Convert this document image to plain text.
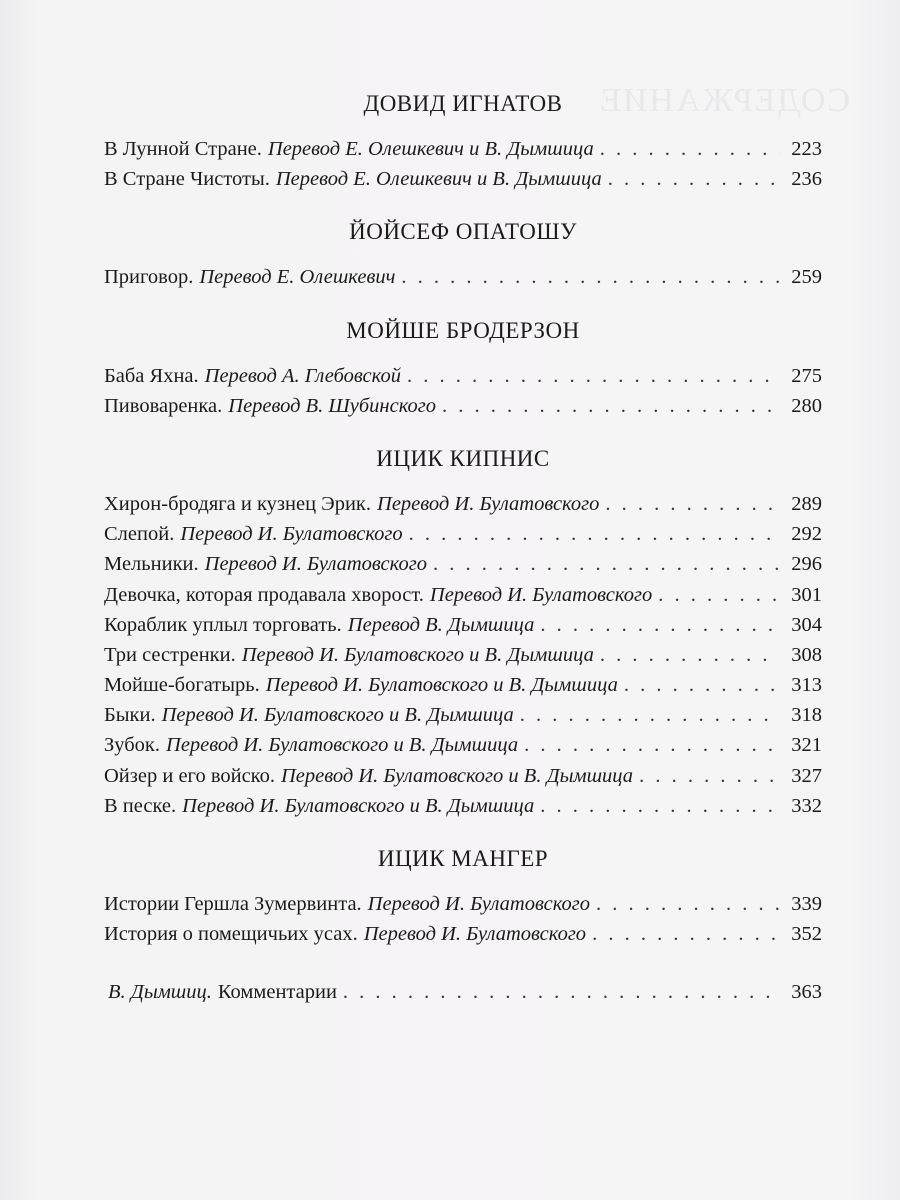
СОДЕРЖАНИЕ
ДОВИД ИГНАТОВ
В Лунной Стране. Перевод Е. Олешкевич и В. Дымшица . . .	223
В Стране Чистоты. Перевод Е. Олешкевич и В. Дымшица . . .	236
ЙОЙСЕФ ОПАТОШУ
Приговор. Перевод Е. Олешкевич . . .	259
МОЙШЕ БРОДЕРЗОН
Баба Яхна. Перевод А. Глебовской . . .	275
Пивоваренка. Перевод В. Шубинского . . .	280
ИЦИК КИПНИС
Хирон-бродяга и кузнец Эрик. Перевод И. Булатовского . . .	289
Слепой. Перевод И. Булатовского . . .	292
Мельники. Перевод И. Булатовского . . .	296
Девочка, которая продавала хворост. Перевод И. Булатовского . . .	301
Кораблик уплыл торговать. Перевод В. Дымшица . . .	304
Три сестренки. Перевод И. Булатовского и В. Дымшица . . .	308
Мойше-богатырь. Перевод И. Булатовского и В. Дымшица . . .	313
Быки. Перевод И. Булатовского и В. Дымшица . . .	318
Зубок. Перевод И. Булатовского и В. Дымшица . . .	321
Ойзер и его войско. Перевод И. Булатовского и В. Дымшица . . .	327
В песке. Перевод И. Булатовского и В. Дымшица . . .	332
ИЦИК МАНГЕР
Истории Гершла Зумервинта. Перевод И. Булатовского . . .	339
История о помещичьих усах. Перевод И. Булатовского . . .	352
В. Дымшиц. Комментарии . . .	363
